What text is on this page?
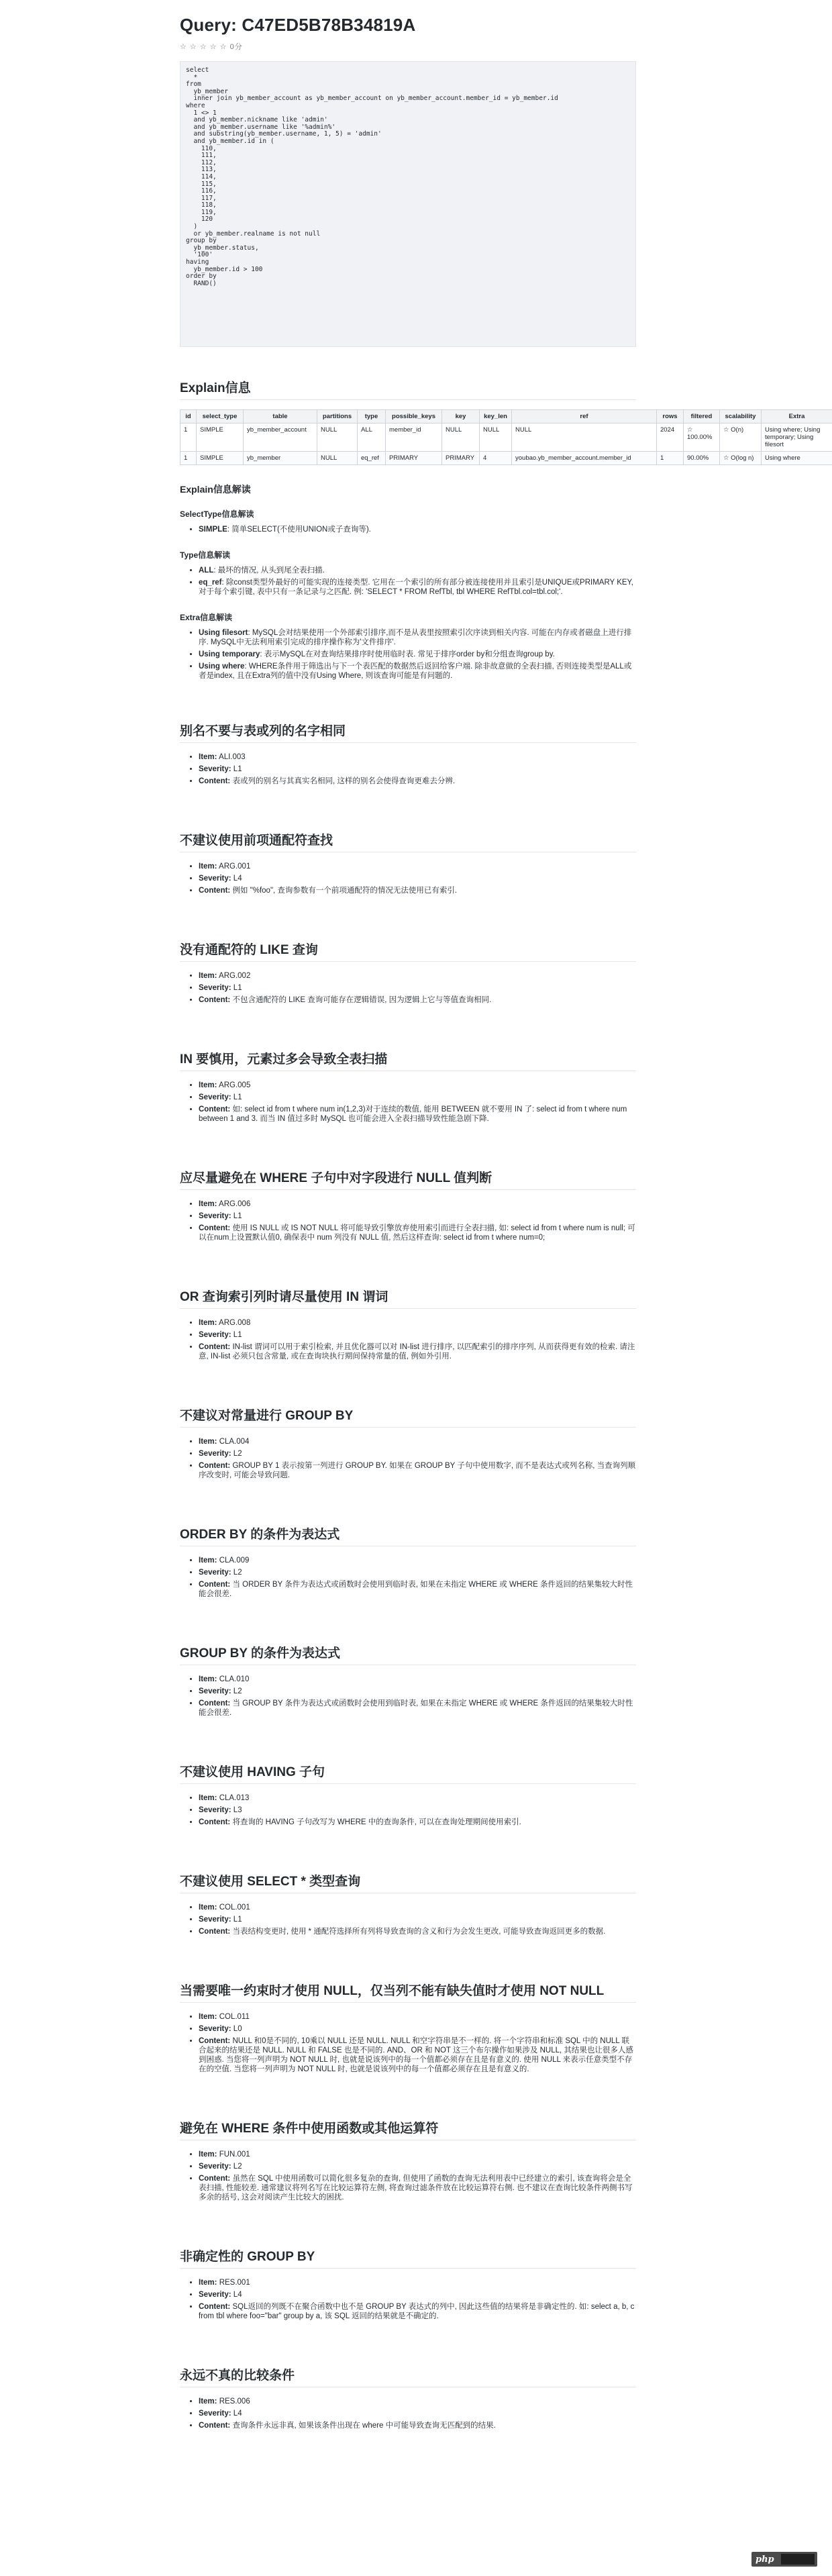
Query: C47ED5B78B34819A
☆ ☆ ☆ ☆ ☆ 0分
select
*
from
yb_member
inner join yb_member_account as yb_member_account on yb_member_account.member_id = yb_member.id
where
1 <> 1
and yb_member.nickname like 'admin'
and yb_member.username like '%admin%'
and substring(yb_member.username, 1, 5) = 'admin'
and yb_member.id in (
110,
111,
112,
113,
114,
115,
116,
117,
118,
119,
120
)
or yb_member.realname is not null
group by
yb_member.status,
'100'
having
yb_member.id > 100
order by
RAND()
Explain信息
id	select_type	table	partitions	type	possible_keys	key	key_len	ref	rows	filtered	scalability	Extra
1	SIMPLE	yb_member_account	NULL	ALL	member_id	NULL	NULL	NULL	2024	☆ 100.00%	☆ O(n)	Using where; Using temporary; Using filesort
1	SIMPLE	yb_member	NULL	eq_ref	PRIMARY	PRIMARY	4	youbao.yb_member_account.member_id	1	90.00%	☆ O(log n)	Using where
Explain信息解读
SelectType信息解读
• SIMPLE: 简单SELECT(不使用UNION或子查询等).
Type信息解读
• ALL: 最坏的情况, 从头到尾全表扫描.
• eq_ref: 除const类型外最好的可能实现的连接类型. 它用在一个索引的所有部分被连接使用并且索引是UNIQUE或PRIMARY KEY, 对于每个索引键, 表中只有一条记录与之匹配. 例: 'SELECT * FROM RefTbl, tbl WHERE RefTbl.col=tbl.col;'.
Extra信息解读
• Using filesort: MySQL会对结果使用一个外部索引排序,而不是从表里按照索引次序读到相关内容. 可能在内存或者磁盘上进行排序. MySQL中无法利用索引完成的排序操作称为'文件排序'.
• Using temporary: 表示MySQL在对查询结果排序时使用临时表. 常见于排序order by和分组查询group by.
• Using where: WHERE条件用于筛选出与下一个表匹配的数据然后返回给客户端. 除非故意做的全表扫描, 否则连接类型是ALL或者是index, 且在Extra列的值中没有Using Where, 则该查询可能是有问题的.
别名不要与表或列的名字相同
• Item: ALI.003
• Severity: L1
• Content: 表或列的别名与其真实名相同, 这样的别名会使得查询更难去分辨.
不建议使用前项通配符查找
• Item: ARG.001
• Severity: L4
• Content: 例如 "%foo", 查询参数有一个前项通配符的情况无法使用已有索引.
没有通配符的 LIKE 查询
• Item: ARG.002
• Severity: L1
• Content: 不包含通配符的 LIKE 查询可能存在逻辑错误, 因为逻辑上它与等值查询相同.
IN 要慎用，元素过多会导致全表扫描
• Item: ARG.005
• Severity: L1
• Content: 如: select id from t where num in(1,2,3)对于连续的数值, 能用 BETWEEN 就不要用 IN 了: select id from t where num between 1 and 3. 而当 IN 值过多时 MySQL 也可能会进入全表扫描导致性能急剧下降.
应尽量避免在 WHERE 子句中对字段进行 NULL 值判断
• Item: ARG.006
• Severity: L1
• Content: 使用 IS NULL 或 IS NOT NULL 将可能导致引擎放弃使用索引而进行全表扫描, 如: select id from t where num is null; 可以在num上设置默认值0, 确保表中 num 列没有 NULL 值, 然后这样查询: select id from t where num=0;
OR 查询索引列时请尽量使用 IN 谓词
• Item: ARG.008
• Severity: L1
• Content: IN-list 谓词可以用于索引检索, 并且优化器可以对 IN-list 进行排序, 以匹配索引的排序序列, 从而获得更有效的检索. 请注意, IN-list 必须只包含常量, 或在查询块执行期间保持常量的值, 例如外引用.
不建议对常量进行 GROUP BY
• Item: CLA.004
• Severity: L2
• Content: GROUP BY 1 表示按第一列进行 GROUP BY. 如果在 GROUP BY 子句中使用数字, 而不是表达式或列名称, 当查询列顺序改变时, 可能会导致问题.
ORDER BY 的条件为表达式
• Item: CLA.009
• Severity: L2
• Content: 当 ORDER BY 条件为表达式或函数时会使用到临时表, 如果在未指定 WHERE 或 WHERE 条件返回的结果集较大时性能会很差.
GROUP BY 的条件为表达式
• Item: CLA.010
• Severity: L2
• Content: 当 GROUP BY 条件为表达式或函数时会使用到临时表, 如果在未指定 WHERE 或 WHERE 条件返回的结果集较大时性能会很差.
不建议使用 HAVING 子句
• Item: CLA.013
• Severity: L3
• Content: 将查询的 HAVING 子句改写为 WHERE 中的查询条件, 可以在查询处理期间使用索引.
不建议使用 SELECT * 类型查询
• Item: COL.001
• Severity: L1
• Content: 当表结构变更时, 使用 * 通配符选择所有列将导致查询的含义和行为会发生更改, 可能导致查询返回更多的数据.
当需要唯一约束时才使用 NULL，仅当列不能有缺失值时才使用 NOT NULL
• Item: COL.011
• Severity: L0
• Content: NULL 和0是不同的, 10乘以 NULL 还是 NULL. NULL 和空字符串是不一样的. 将一个字符串和标准 SQL 中的 NULL 联合起来的结果还是 NULL. NULL 和 FALSE 也是不同的. AND、OR 和 NOT 这三个布尔操作如果涉及 NULL, 其结果也让很多人感到困惑. 当您将一列声明为 NOT NULL 时, 也就是说该列中的每一个值都必须存在且是有意义的. 使用 NULL 来表示任意类型不存在的空值. 当您将一列声明为 NOT NULL 时, 也就是说该列中的每一个值都必须存在且是有意义的.
避免在 WHERE 条件中使用函数或其他运算符
• Item: FUN.001
• Severity: L2
• Content: 虽然在 SQL 中使用函数可以简化很多复杂的查询, 但使用了函数的查询无法利用表中已经建立的索引, 该查询将会是全表扫描, 性能较差. 通常建议将列名写在比较运算符左侧, 将查询过滤条件放在比较运算符右侧. 也不建议在查询比较条件两侧书写多余的括号, 这会对阅读产生比较大的困扰.
非确定性的 GROUP BY
• Item: RES.001
• Severity: L4
• Content: SQL返回的列既不在聚合函数中也不是 GROUP BY 表达式的列中, 因此这些值的结果将是非确定性的. 如: select a, b, c from tbl where foo="bar" group by a, 该 SQL 返回的结果就是不确定的.
永远不真的比较条件
• Item: RES.006
• Severity: L4
• Content: 查询条件永远非真, 如果该条件出现在 where 中可能导致查询无匹配到的结果.
php
